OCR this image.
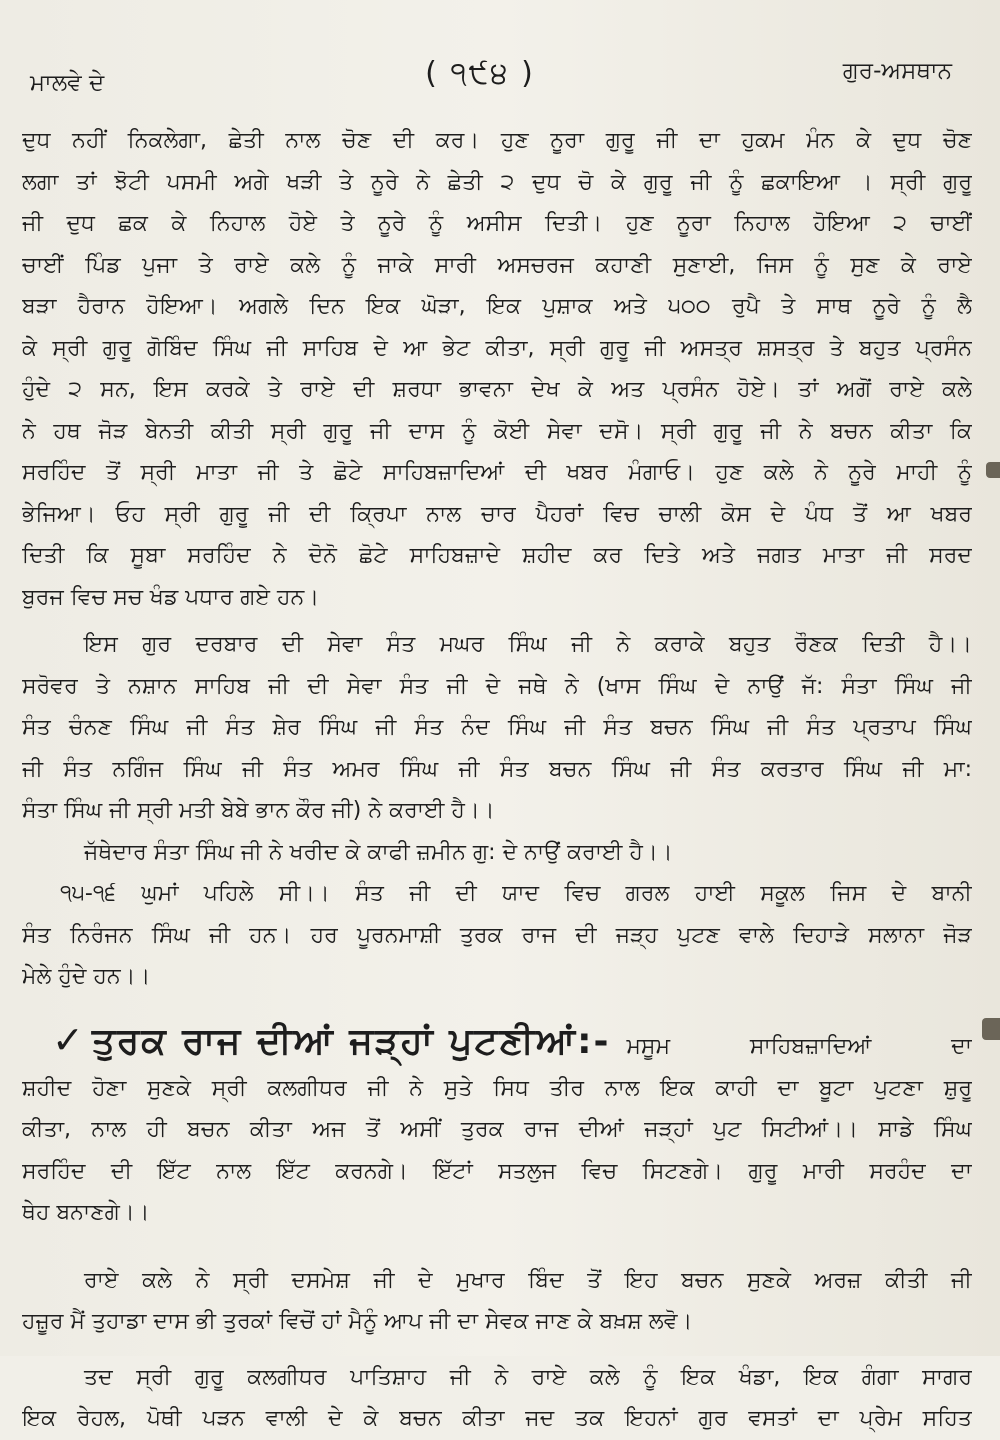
ਮਾਲਵੇ ਦੇ	( ੧੯੪ )	ਗੁਰ-ਅਸਥਾਨ
ਦੁਧ ਨਹੀਂ ਨਿਕਲੇਗਾ, ਛੇਤੀ ਨਾਲ ਚੋਣ ਦੀ ਕਰ। ਹੁਣ ਨੂਰਾ ਗੁਰੂ ਜੀ ਦਾ ਹੁਕਮ ਮੰਨ ਕੇ ਦੁਧ ਚੋਣ
ਲਗਾ ਤਾਂ ਝੋਟੀ ਪਸਮੀ ਅਗੇ ਖੜੀ ਤੇ ਨੂਰੇ ਨੇ ਛੇਤੀ ੨ ਦੁਧ ਚੋ ਕੇ ਗੁਰੂ ਜੀ ਨੂੰ ਛਕਾਇਆ । ਸ੍ਰੀ ਗੁਰੂ
ਜੀ ਦੁਧ ਛਕ ਕੇ ਨਿਹਾਲ ਹੋਏ ਤੇ ਨੂਰੇ ਨੂੰ ਅਸੀਸ ਦਿਤੀ। ਹੁਣ ਨੂਰਾ ਨਿਹਾਲ ਹੋਇਆ ੨ ਚਾਈਂ
ਚਾਈਂ ਪਿੰਡ ਪੁਜਾ ਤੇ ਰਾਏ ਕਲੇ ਨੂੰ ਜਾਕੇ ਸਾਰੀ ਅਸਚਰਜ ਕਹਾਣੀ ਸੁਣਾਈ, ਜਿਸ ਨੂੰ ਸੁਣ ਕੇ ਰਾਏ
ਬੜਾ ਹੈਰਾਨ ਹੋਇਆ। ਅਗਲੇ ਦਿਨ ਇਕ ਘੋੜਾ, ਇਕ ਪੁਸ਼ਾਕ ਅਤੇ ੫੦੦ ਰੁਪੈ ਤੇ ਸਾਥ ਨੂਰੇ ਨੂੰ ਲੈ
ਕੇ ਸ੍ਰੀ ਗੁਰੂ ਗੋਬਿੰਦ ਸਿੰਘ ਜੀ ਸਾਹਿਬ ਦੇ ਆ ਭੇਟ ਕੀਤਾ, ਸ੍ਰੀ ਗੁਰੂ ਜੀ ਅਸਤ੍ਰ ਸ਼ਸਤ੍ਰ ਤੇ ਬਹੁਤ ਪ੍ਰਸੰਨ
ਹੁੰਦੇ ੨ ਸਨ, ਇਸ ਕਰਕੇ ਤੇ ਰਾਏ ਦੀ ਸ਼ਰਧਾ ਭਾਵਨਾ ਦੇਖ ਕੇ ਅਤ ਪ੍ਰਸੰਨ ਹੋਏ। ਤਾਂ ਅਗੋਂ ਰਾਏ ਕਲੇ
ਨੇ ਹਥ ਜੋੜ ਬੇਨਤੀ ਕੀਤੀ ਸ੍ਰੀ ਗੁਰੂ ਜੀ ਦਾਸ ਨੂੰ ਕੋਈ ਸੇਵਾ ਦਸੋ। ਸ੍ਰੀ ਗੁਰੂ ਜੀ ਨੇ ਬਚਨ ਕੀਤਾ ਕਿ
ਸਰਹਿੰਦ ਤੋਂ ਸ੍ਰੀ ਮਾਤਾ ਜੀ ਤੇ ਛੋਟੇ ਸਾਹਿਬਜ਼ਾਦਿਆਂ ਦੀ ਖਬਰ ਮੰਗਾਓ। ਹੁਣ ਕਲੇ ਨੇ ਨੂਰੇ ਮਾਹੀ ਨੂੰ
ਭੇਜਿਆ। ਓਹ ਸ੍ਰੀ ਗੁਰੂ ਜੀ ਦੀ ਕ੍ਰਿਪਾ ਨਾਲ ਚਾਰ ਪੈਹਰਾਂ ਵਿਚ ਚਾਲੀ ਕੋਸ ਦੇ ਪੰਧ ਤੋਂ ਆ ਖਬਰ
ਦਿਤੀ ਕਿ ਸੂਬਾ ਸਰਹਿੰਦ ਨੇ ਦੋਨੋ ਛੋਟੇ ਸਾਹਿਬਜ਼ਾਦੇ ਸ਼ਹੀਦ ਕਰ ਦਿਤੇ ਅਤੇ ਜਗਤ ਮਾਤਾ ਜੀ ਸਰਦ
ਬੁਰਜ ਵਿਚ ਸਚ ਖੰਡ ਪਧਾਰ ਗਏ ਹਨ।
ਇਸ ਗੁਰ ਦਰਬਾਰ ਦੀ ਸੇਵਾ ਸੰਤ ਮਘਰ ਸਿੰਘ ਜੀ ਨੇ ਕਰਾਕੇ ਬਹੁਤ ਰੌਣਕ ਦਿਤੀ ਹੈ।।
ਸਰੋਵਰ ਤੇ ਨਸ਼ਾਨ ਸਾਹਿਬ ਜੀ ਦੀ ਸੇਵਾ ਸੰਤ ਜੀ ਦੇ ਜਥੇ ਨੇ (ਖਾਸ ਸਿੰਘ ਦੇ ਨਾਉਂ ਜੱ: ਸੰਤਾ ਸਿੰਘ ਜੀ
ਸੰਤ ਚੰਨਣ ਸਿੰਘ ਜੀ ਸੰਤ ਸ਼ੇਰ ਸਿੰਘ ਜੀ ਸੰਤ ਨੰਦ ਸਿੰਘ ਜੀ ਸੰਤ ਬਚਨ ਸਿੰਘ ਜੀ ਸੰਤ ਪ੍ਰਤਾਪ ਸਿੰਘ
ਜੀ ਸੰਤ ਨਗਿੰਜ ਸਿੰਘ ਜੀ ਸੰਤ ਅਮਰ ਸਿੰਘ ਜੀ ਸੰਤ ਬਚਨ ਸਿੰਘ ਜੀ ਸੰਤ ਕਰਤਾਰ ਸਿੰਘ ਜੀ ਮਾ:
ਸੰਤਾ ਸਿੰਘ ਜੀ ਸ੍ਰੀ ਮਤੀ ਬੇਬੇ ਭਾਨ ਕੌਰ ਜੀ) ਨੇ ਕਰਾਈ ਹੈ।।
ਜੱਥੇਦਾਰ ਸੰਤਾ ਸਿੰਘ ਜੀ ਨੇ ਖਰੀਦ ਕੇ ਕਾਫੀ ਜ਼ਮੀਨ ਗੁ: ਦੇ ਨਾਉਂ ਕਰਾਈ ਹੈ।।
੧੫-੧੬ ਘੁਮਾਂ ਪਹਿਲੇ ਸੀ।। ਸੰਤ ਜੀ ਦੀ ਯਾਦ ਵਿਚ ਗਰਲ ਹਾਈ ਸਕੂਲ ਜਿਸ ਦੇ ਬਾਨੀ
ਸੰਤ ਨਿਰੰਜਨ ਸਿੰਘ ਜੀ ਹਨ। ਹਰ ਪੂਰਨਮਾਸ਼ੀ ਤੁਰਕ ਰਾਜ ਦੀ ਜੜ੍ਹ ਪੁਟਣ ਵਾਲੇ ਦਿਹਾੜੇ ਸਲਾਨਾ ਜੋੜ
ਮੇਲੇ ਹੁੰਦੇ ਹਨ।।
✓ ਤੁਰਕ ਰਾਜ ਦੀਆਂ ਜੜ੍ਹਾਂ ਪੁਟਣੀਆਂ:- ਮਸੂਮ ਸਾਹਿਬਜ਼ਾਦਿਆਂ ਦਾ
ਸ਼ਹੀਦ ਹੋਣਾ ਸੁਣਕੇ ਸ੍ਰੀ ਕਲਗੀਧਰ ਜੀ ਨੇ ਸੁਤੇ ਸਿਧ ਤੀਰ ਨਾਲ ਇਕ ਕਾਹੀ ਦਾ ਬੂਟਾ ਪੁਟਣਾ ਸ਼ੁਰੂ
ਕੀਤਾ, ਨਾਲ ਹੀ ਬਚਨ ਕੀਤਾ ਅਜ ਤੋਂ ਅਸੀਂ ਤੁਰਕ ਰਾਜ ਦੀਆਂ ਜੜ੍ਹਾਂ ਪੁਟ ਸਿਟੀਆਂ।। ਸਾਡੇ ਸਿੰਘ
ਸਰਹਿੰਦ ਦੀ ਇੱਟ ਨਾਲ ਇੱਟ ਕਰਨਗੇ। ਇੱਟਾਂ ਸਤਲੁਜ ਵਿਚ ਸਿਟਣਗੇ। ਗੁਰੂ ਮਾਰੀ ਸਰਹੰਦ ਦਾ
ਥੇਹ ਬਨਾਣਗੇ।।
ਰਾਏ ਕਲੇ ਨੇ ਸ੍ਰੀ ਦਸਮੇਸ਼ ਜੀ ਦੇ ਮੁਖਾਰ ਬਿੰਦ ਤੋਂ ਇਹ ਬਚਨ ਸੁਣਕੇ ਅਰਜ਼ ਕੀਤੀ ਜੀ
ਹਜ਼ੂਰ ਮੈਂ ਤੁਹਾਡਾ ਦਾਸ ਭੀ ਤੁਰਕਾਂ ਵਿਚੋਂ ਹਾਂ ਮੈਨੂੰ ਆਪ ਜੀ ਦਾ ਸੇਵਕ ਜਾਣ ਕੇ ਬਖ਼ਸ਼ ਲਵੋ।
ਤਦ ਸ੍ਰੀ ਗੁਰੂ ਕਲਗੀਧਰ ਪਾਤਿਸ਼ਾਹ ਜੀ ਨੇ ਰਾਏ ਕਲੇ ਨੂੰ ਇਕ ਖੰਡਾ, ਇਕ ਗੰਗਾ ਸਾਗਰ
ਇਕ ਰੇਹਲ, ਪੋਥੀ ਪੜਨ ਵਾਲੀ ਦੇ ਕੇ ਬਚਨ ਕੀਤਾ ਜਦ ਤਕ ਇਹਨਾਂ ਗੁਰ ਵਸਤਾਂ ਦਾ ਪ੍ਰੇਮ ਸਹਿਤ
